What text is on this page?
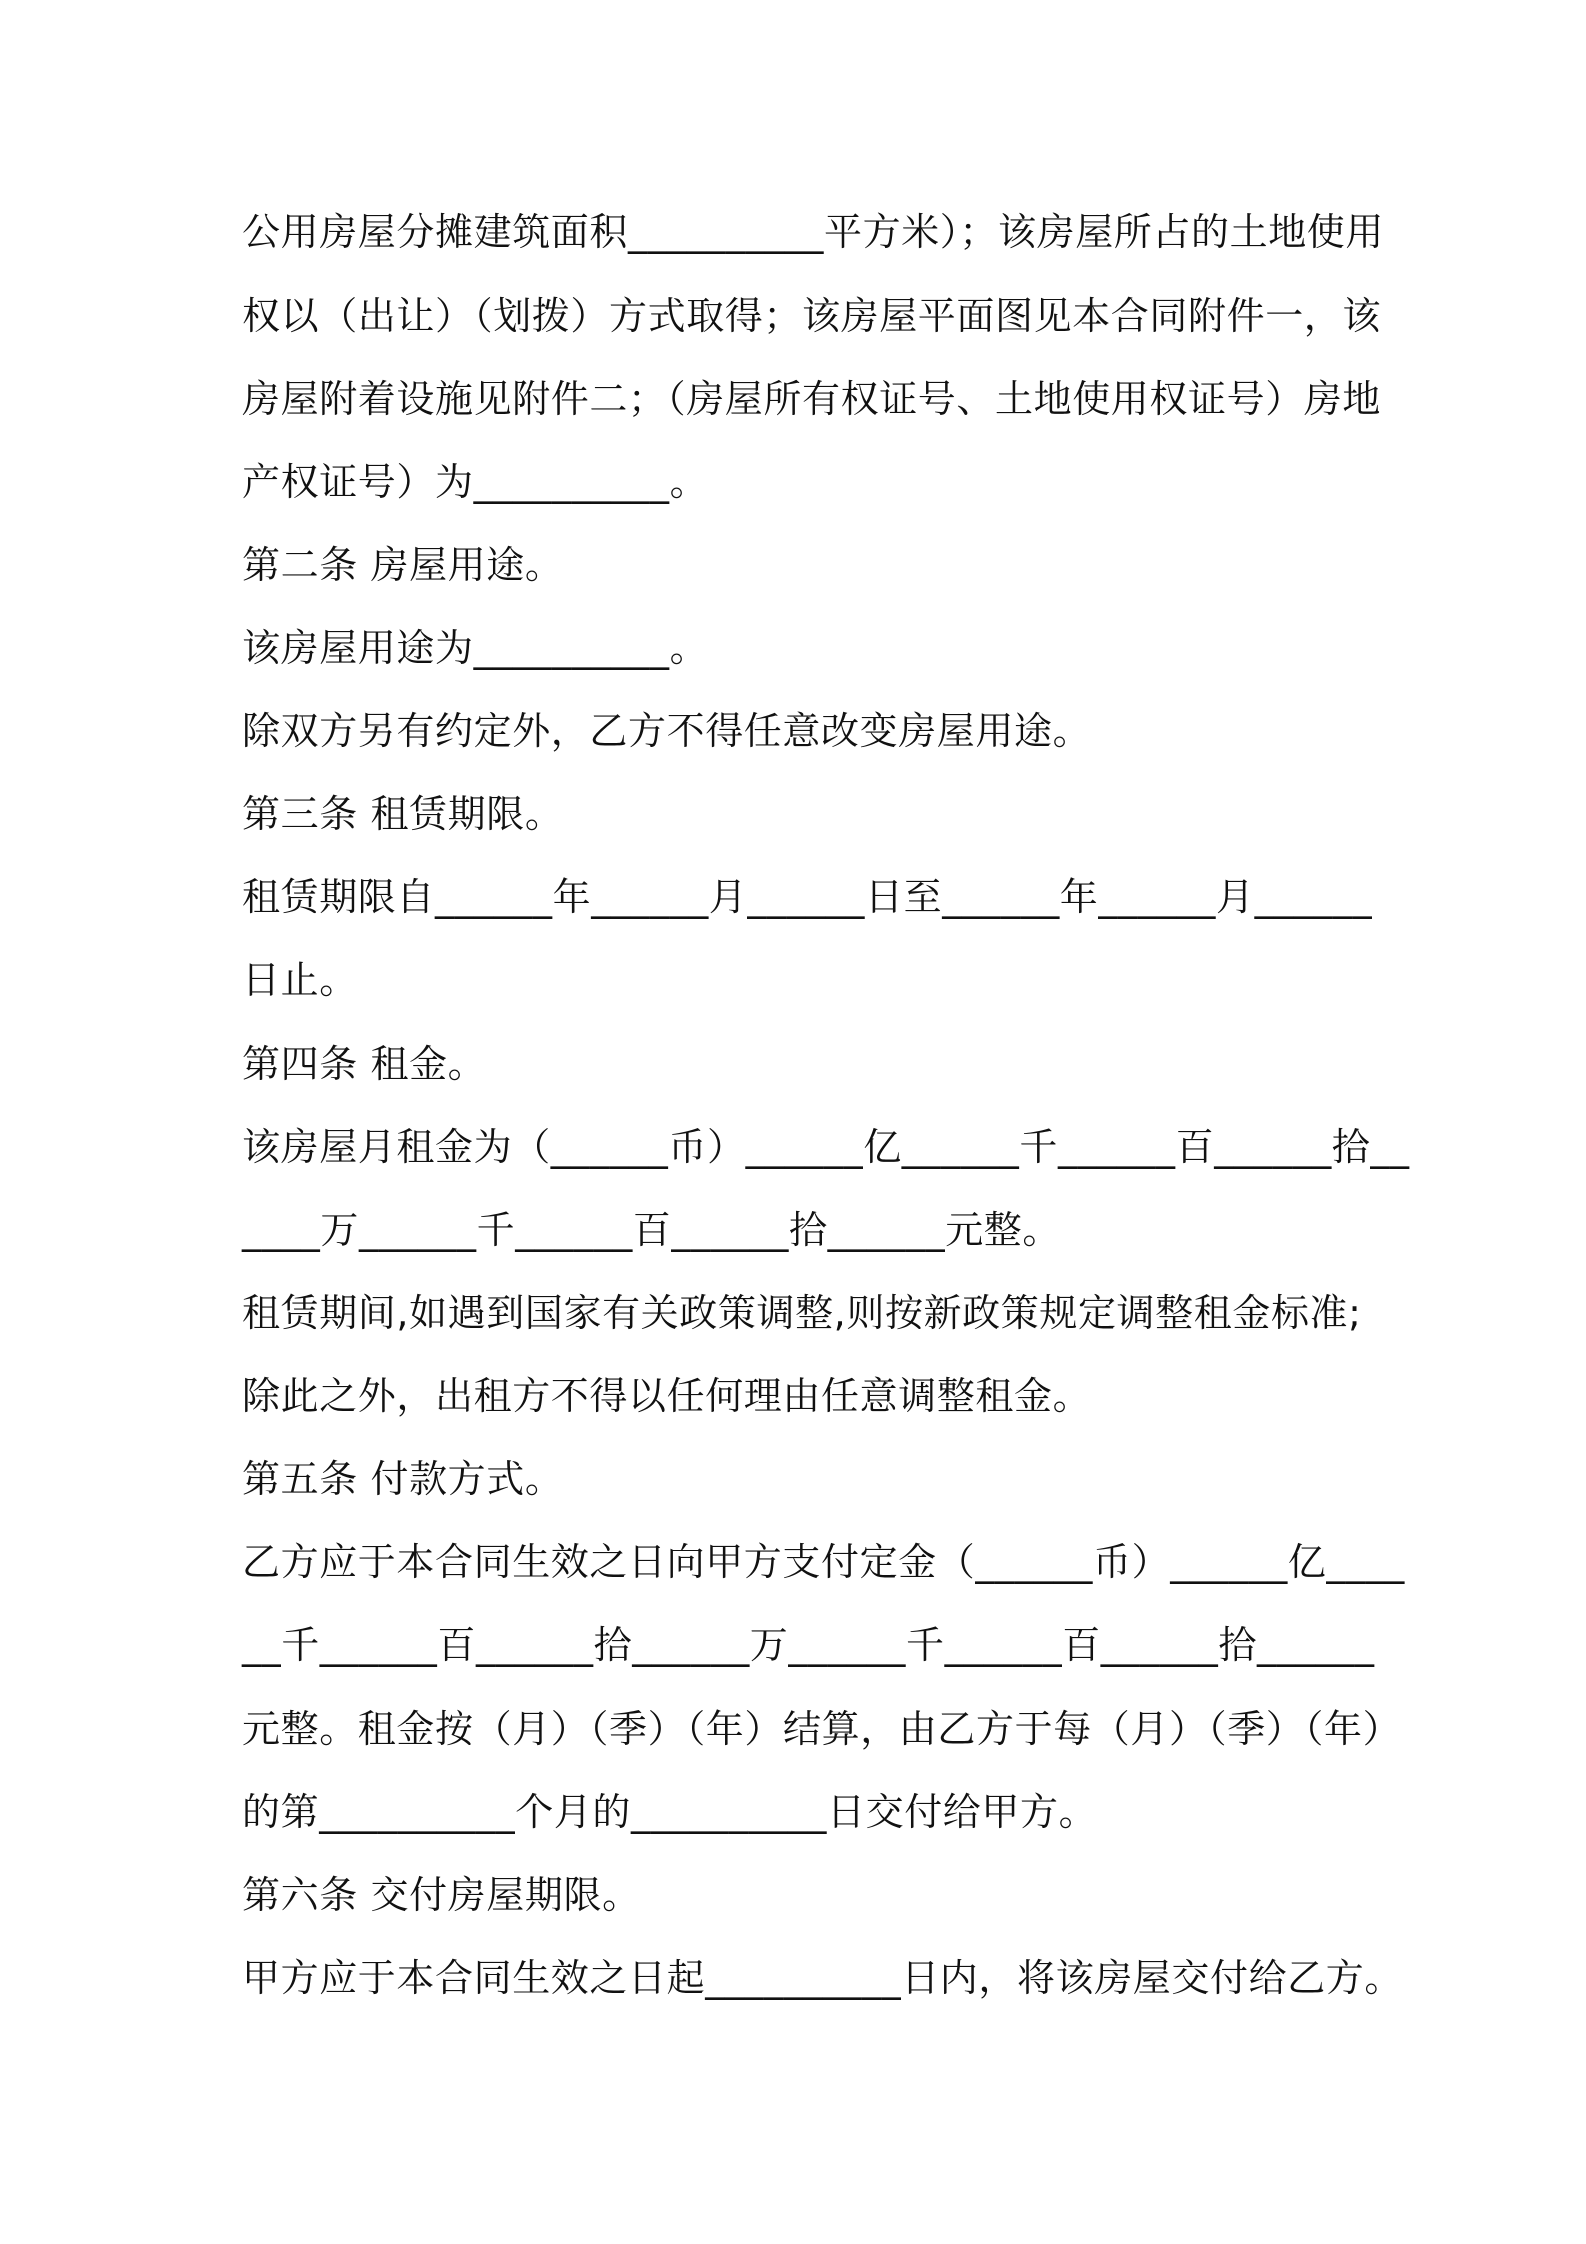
公用房屋分摊建筑面积__________平方米）；该房屋所占的土地使用
权以（出让）（划拨）方式取得；该房屋平面图见本合同附件一，该
房屋附着设施见附件二；（房屋所有权证号、土地使用权证号）房地
产权证号）为__________。
第二条 房屋用途。
该房屋用途为__________。
除双方另有约定外，乙方不得任意改变房屋用途。
第三条 租赁期限。
租赁期限自______年______月______日至______年______月______
日止。
第四条 租金。
该房屋月租金为（______币）______亿______千______百______拾__
____万______千______百______拾______元整。
租赁期间,如遇到国家有关政策调整,则按新政策规定调整租金标准;
除此之外，出租方不得以任何理由任意调整租金。
第五条 付款方式。
乙方应于本合同生效之日向甲方支付定金（______币）______亿____
__千______百______拾______万______千______百______拾______
元整。租金按（月）（季）（年）结算，由乙方于每（月）（季）（年）
的第__________个月的__________日交付给甲方。
第六条 交付房屋期限。
甲方应于本合同生效之日起__________日内，将该房屋交付给乙方。
